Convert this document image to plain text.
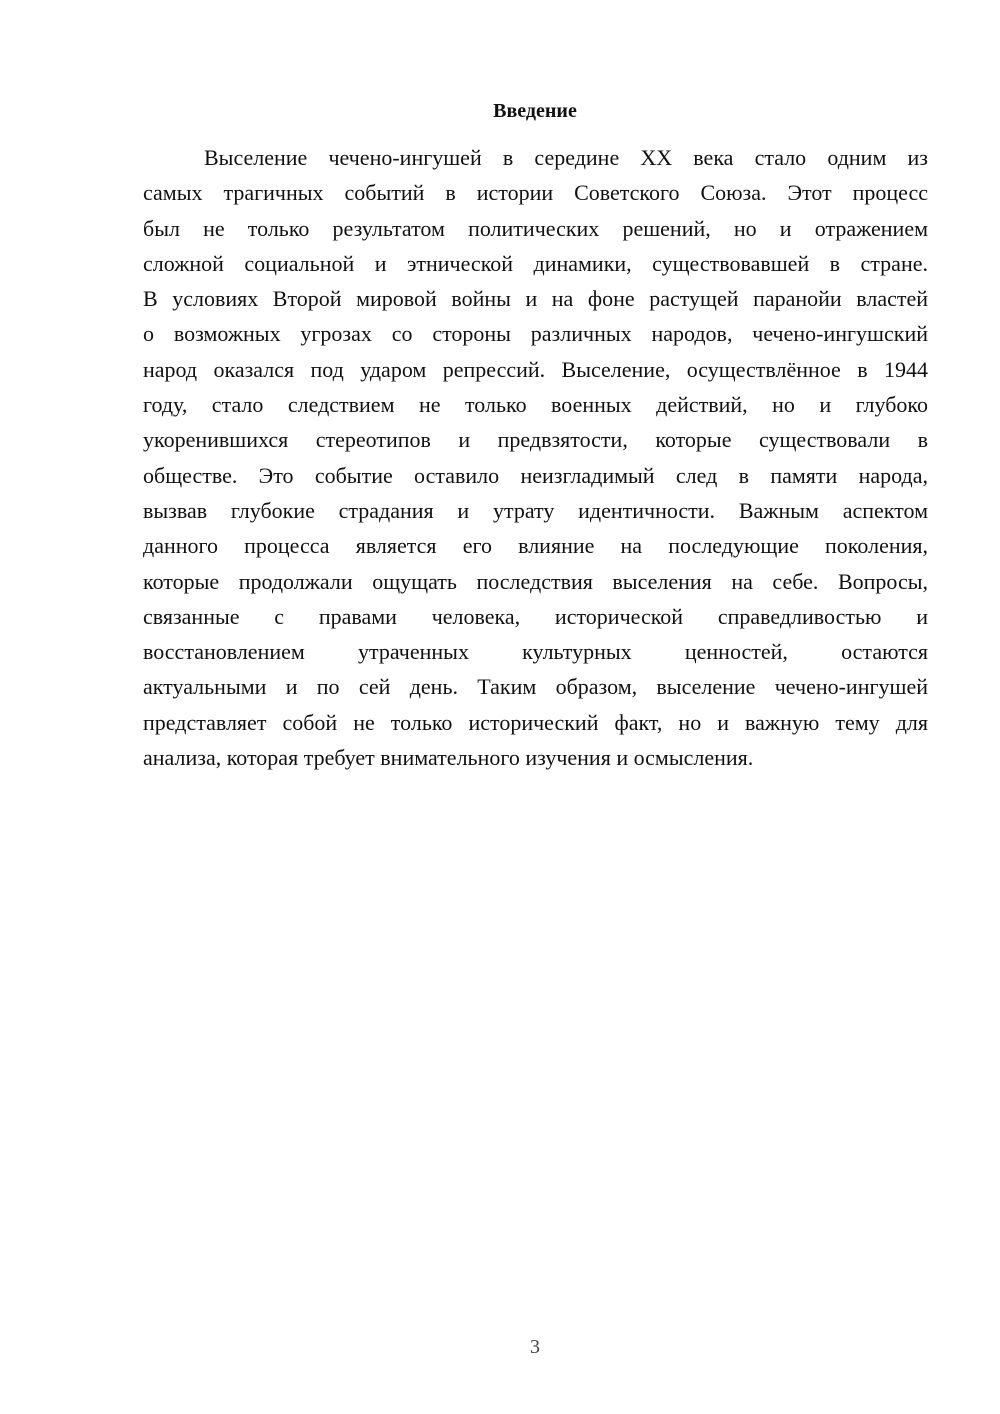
Введение
Выселение чечено-ингушей в середине XX века стало одним из
самых трагичных событий в истории Советского Союза. Этот процесс
был не только результатом политических решений, но и отражением
сложной социальной и этнической динамики, существовавшей в стране.
В условиях Второй мировой войны и на фоне растущей паранойи властей
о возможных угрозах со стороны различных народов, чечено-ингушский
народ оказался под ударом репрессий. Выселение, осуществлённое в 1944
году, стало следствием не только военных действий, но и глубоко
укоренившихся стереотипов и предвзятости, которые существовали в
обществе. Это событие оставило неизгладимый след в памяти народа,
вызвав глубокие страдания и утрату идентичности. Важным аспектом
данного процесса является его влияние на последующие поколения,
которые продолжали ощущать последствия выселения на себе. Вопросы,
связанные с правами человека, исторической справедливостью и
восстановлением утраченных культурных ценностей, остаются
актуальными и по сей день. Таким образом, выселение чечено-ингушей
представляет собой не только исторический факт, но и важную тему для
анализа, которая требует внимательного изучения и осмысления.
3
